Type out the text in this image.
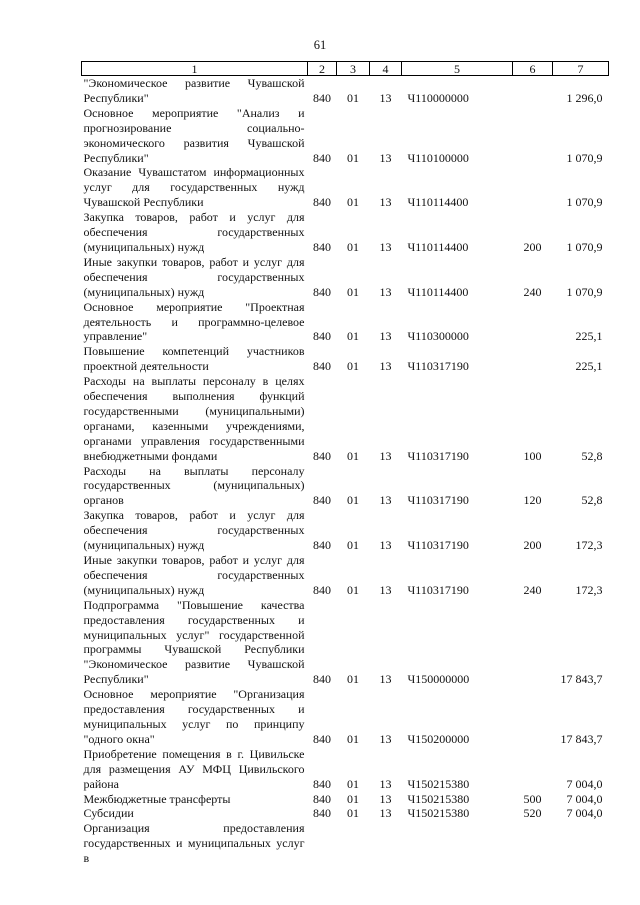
61
1	2	3	4	5	6	7
"Экономическое развитие Чувашской Республики"	840	01	13	Ч110000000		1 296,0
Основное мероприятие "Анализ и прогнозирование социально-экономического развития Чувашской Республики"	840	01	13	Ч110100000		1 070,9
Оказание Чувашстатом информационных услуг для государственных нужд Чувашской Республики	840	01	13	Ч110114400		1 070,9
Закупка товаров, работ и услуг для обеспечения государственных (муниципальных) нужд	840	01	13	Ч110114400	200	1 070,9
Иные закупки товаров, работ и услуг для обеспечения государственных (муниципальных) нужд	840	01	13	Ч110114400	240	1 070,9
Основное мероприятие "Проектная деятельность и программно-целевое управление"	840	01	13	Ч110300000		225,1
Повышение компетенций участников проектной деятельности	840	01	13	Ч110317190		225,1
Расходы на выплаты персоналу в целях обеспечения выполнения функций государственными (муниципальными) органами, казенными учреждениями, органами управления государственными внебюджетными фондами	840	01	13	Ч110317190	100	52,8
Расходы на выплаты персоналу государственных (муниципальных) органов	840	01	13	Ч110317190	120	52,8
Закупка товаров, работ и услуг для обеспечения государственных (муниципальных) нужд	840	01	13	Ч110317190	200	172,3
Иные закупки товаров, работ и услуг для обеспечения государственных (муниципальных) нужд	840	01	13	Ч110317190	240	172,3
Подпрограмма "Повышение качества предоставления государственных и муниципальных услуг" государственной программы Чувашской Республики "Экономическое развитие Чувашской Республики"	840	01	13	Ч150000000		17 843,7
Основное мероприятие "Организация предоставления государственных и муниципальных услуг по принципу "одного окна"	840	01	13	Ч150200000		17 843,7
Приобретение помещения в г. Цивильске для размещения АУ МФЦ Цивильского района	840	01	13	Ч150215380		7 004,0
Межбюджетные трансферты	840	01	13	Ч150215380	500	7 004,0
Субсидии	840	01	13	Ч150215380	520	7 004,0
Организация предоставления государственных и муниципальных услуг в						
